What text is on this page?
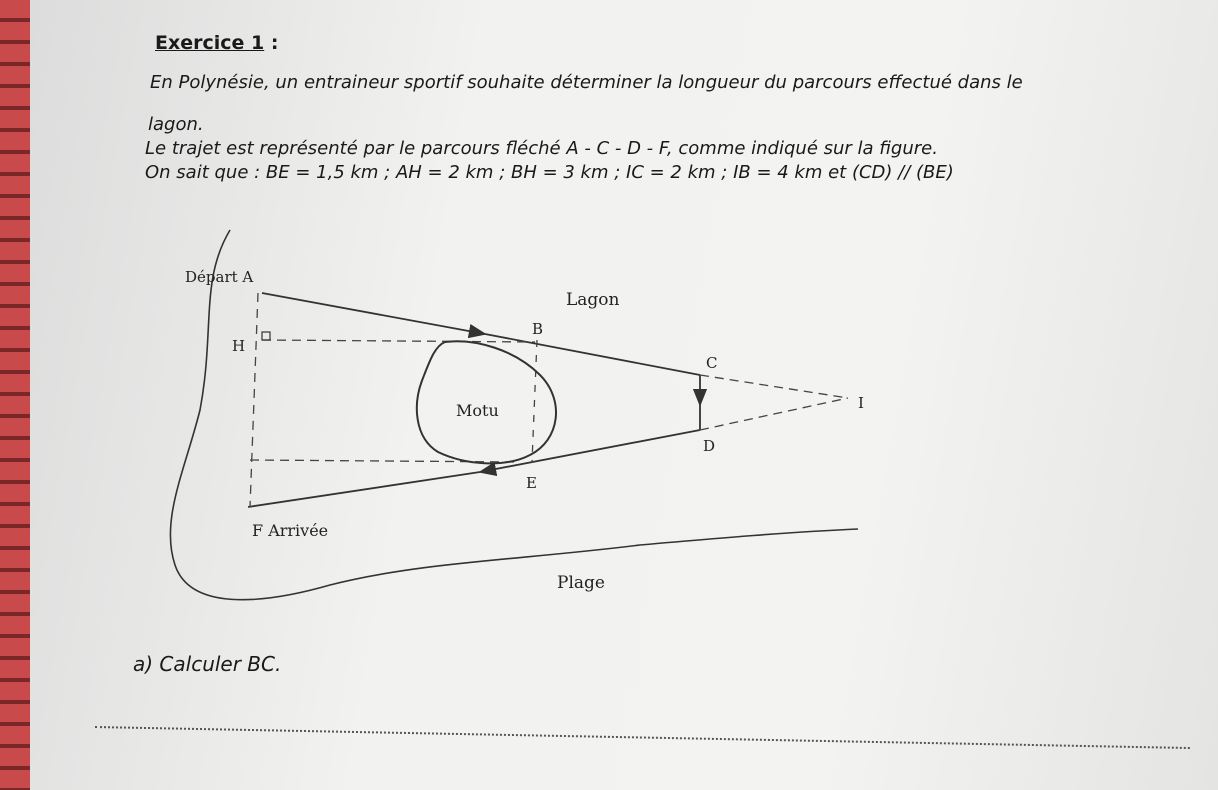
Exercice 1 :
En Polynésie, un entraineur sportif souhaite déterminer la longueur du parcours effectué dans le
lagon.
Le trajet est représenté par le parcours fléché A - C - D - F, comme indiqué sur la figure.
On sait que : BE = 1,5 km ; AH = 2 km ; BH = 3 km ; IC = 2 km ; IB = 4 km et (CD) // (BE)
Départ A
Lagon
H
B
C
I
D
Motu
E
F Arrivée
Plage
a) Calculer BC.
